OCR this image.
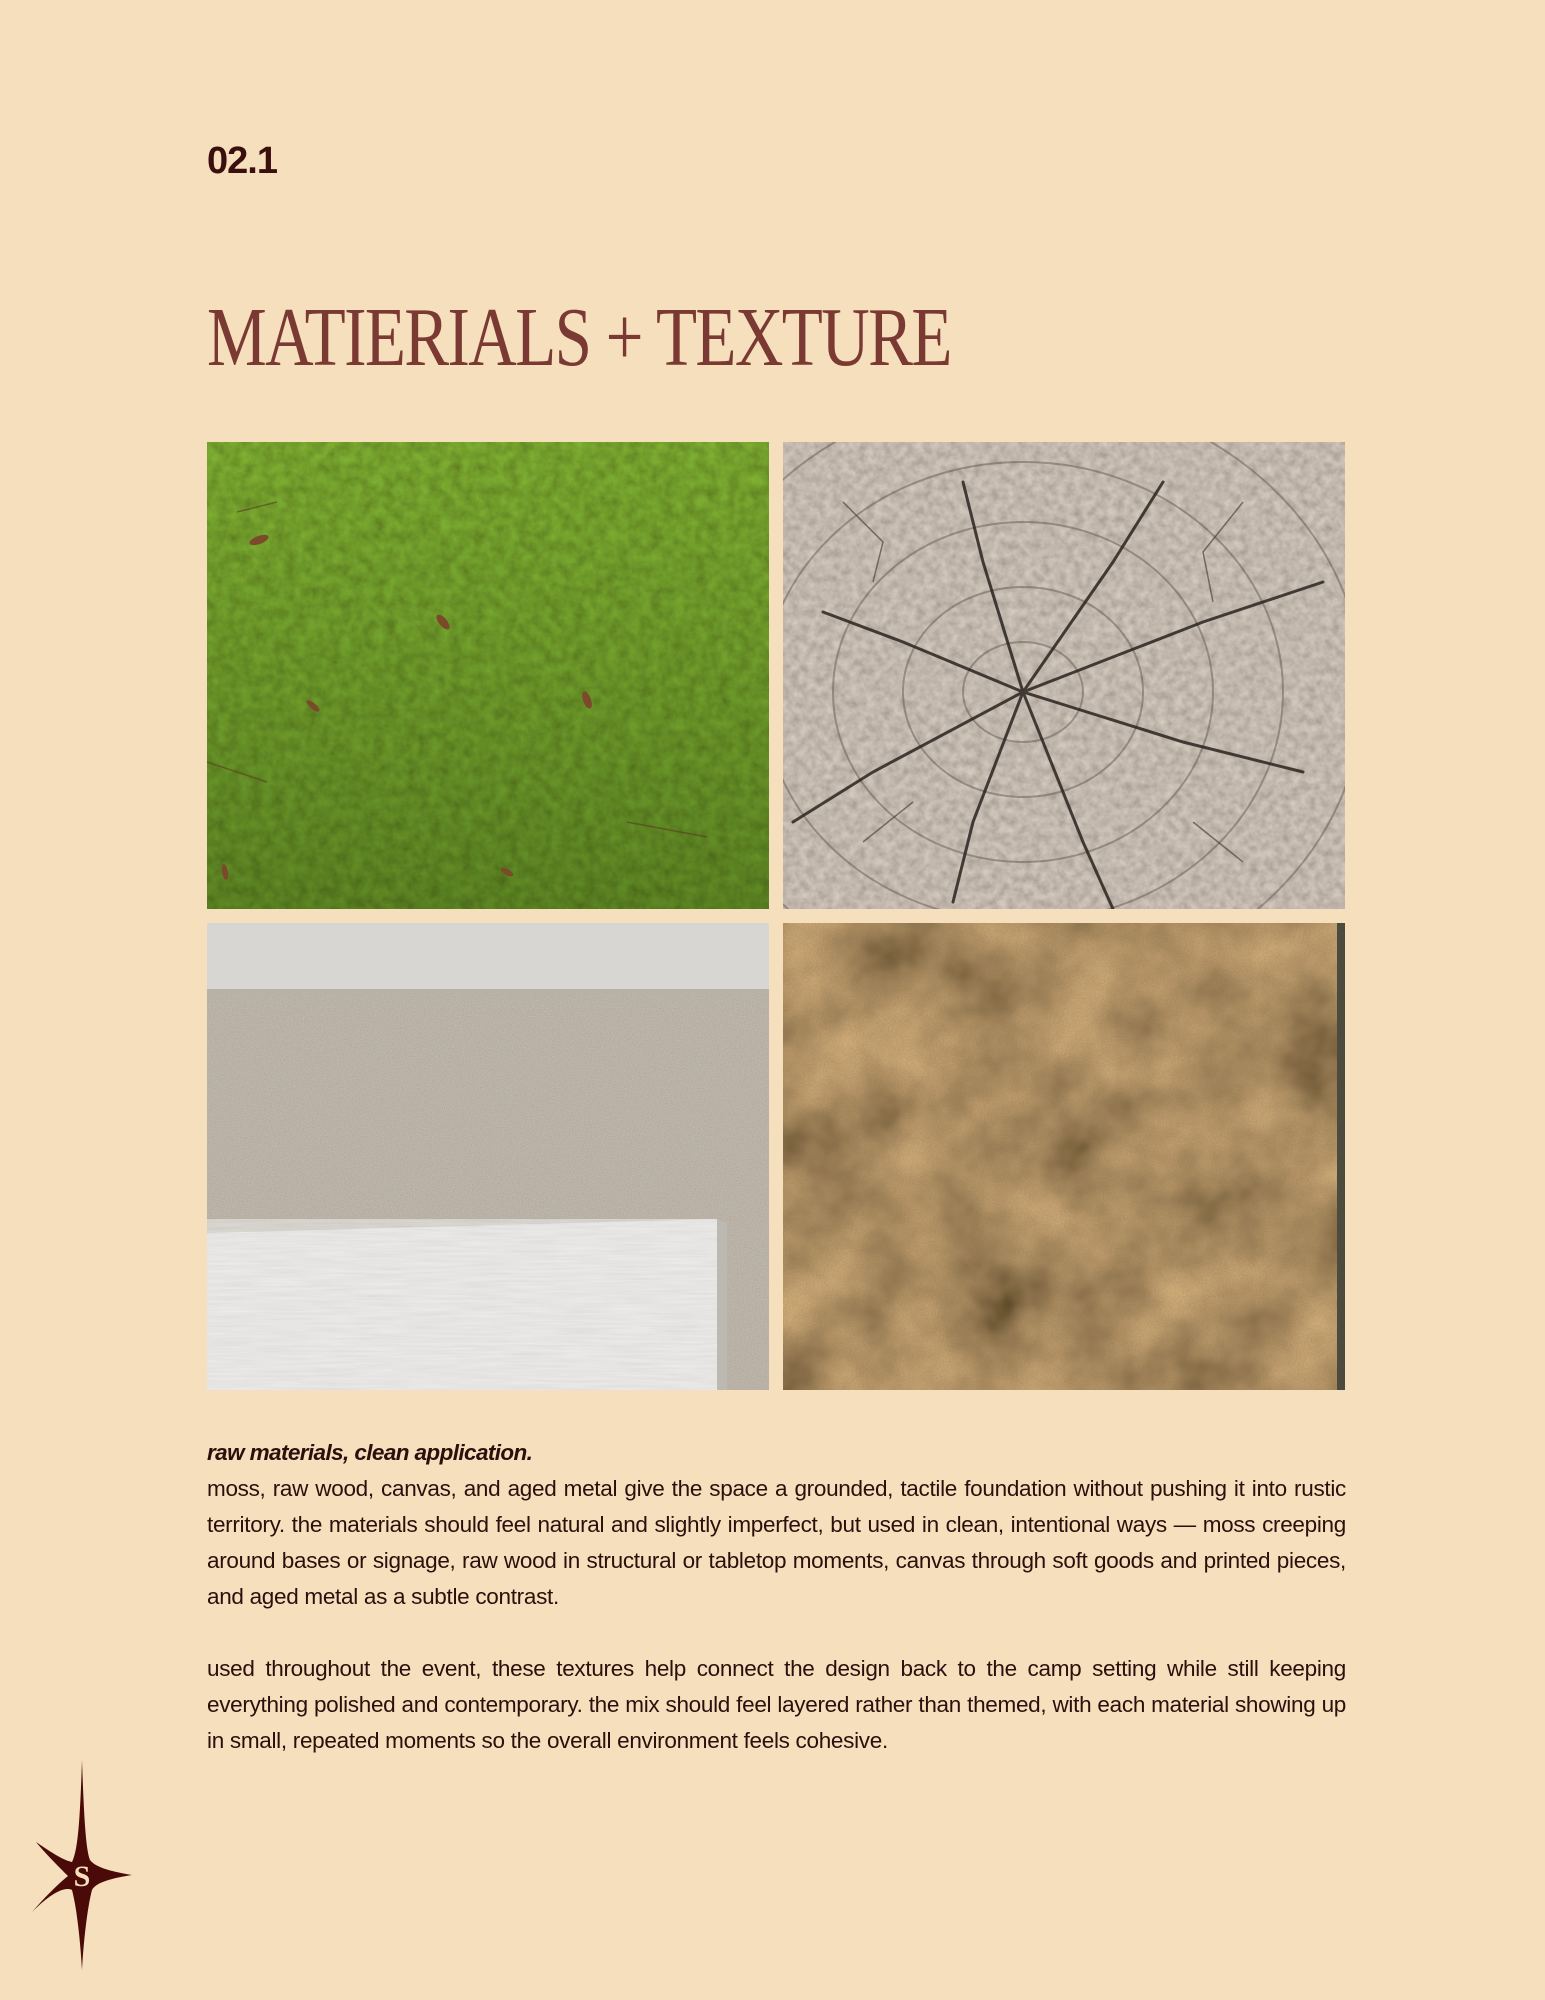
02.1
MATIERIALS + TEXTURE

raw materials, clean application.

moss, raw wood, canvas, and aged metal give the space a grounded, tactile foundation without pushing it into rustic territory. the materials should feel natural and slightly imperfect, but used in clean, intentional ways — moss creeping around bases or signage, raw wood in structural or tabletop moments, canvas through soft goods and printed pieces, and aged metal as a subtle contrast.

used throughout the event, these textures help connect the design back to the camp setting while still keeping everything polished and contemporary. the mix should feel layered rather than themed, with each material showing up in small, repeated moments so the overall environment feels cohesive.

S
